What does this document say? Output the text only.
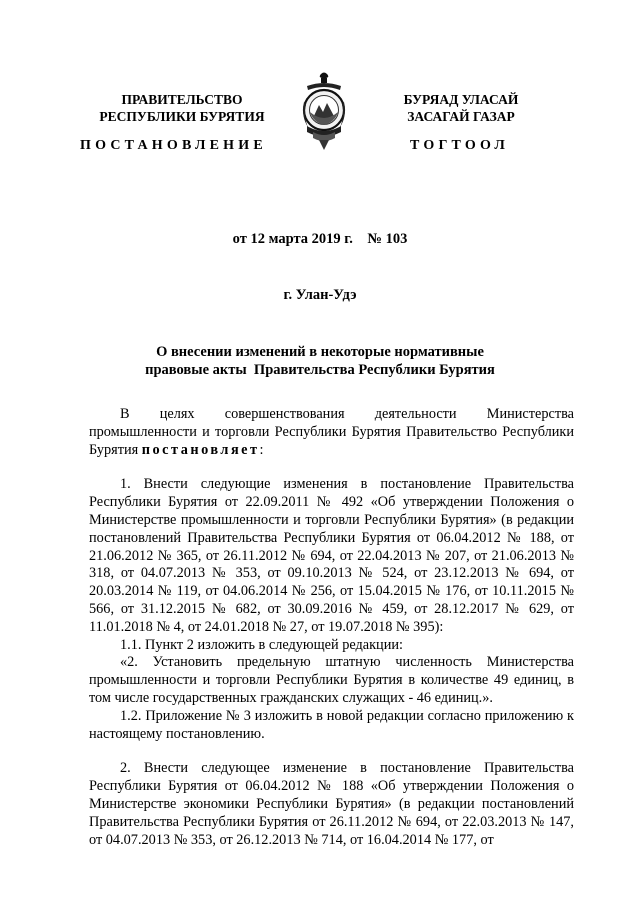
ПРАВИТЕЛЬСТВО
РЕСПУБЛИКИ БУРЯТИЯ
БУРЯАД УЛАСАЙ
ЗАСАГАЙ ГАЗАР
ПОСТАНОВЛЕНИЕ	ТОГТООЛ
от 12 марта 2019 г.    № 103
г. Улан-Удэ
О внесении изменений в некоторые нормативные
правовые акты  Правительства Республики Бурятия

В целях совершенствования деятельности Министерства промышленности и торговли Республики Бурятия Правительство Республики Бурятия постановляет:

1. Внести следующие изменения в постановление Правительства Республики Бурятия от 22.09.2011 № 492 «Об утверждении Положения о Министерстве промышленности и торговли Республики Бурятия» (в редакции постановлений Правительства Республики Бурятия от 06.04.2012 № 188, от 21.06.2012 № 365, от 26.11.2012 № 694, от 22.04.2013 № 207, от 21.06.2013 № 318, от 04.07.2013 № 353, от 09.10.2013 № 524, от 23.12.2013 № 694, от 20.03.2014 № 119, от 04.06.2014 № 256, от 15.04.2015 № 176, от 10.11.2015 № 566, от 31.12.2015 № 682, от 30.09.2016 № 459, от 28.12.2017 № 629, от 11.01.2018 № 4, от 24.01.2018 № 27, от 19.07.2018 № 395):

1.1. Пункт 2 изложить в следующей редакции:

«2. Установить предельную штатную численность Министерства промышленности и торговли Республики Бурятия в количестве 49 единиц, в том числе государственных гражданских служащих - 46 единиц.».

1.2. Приложение № 3 изложить в новой редакции согласно приложению к настоящему постановлению.

2. Внести следующее изменение в постановление Правительства Республики Бурятия от 06.04.2012 № 188 «Об утверждении Положения о Министерстве экономики Республики Бурятия» (в редакции постановлений Правительства Республики Бурятия от 26.11.2012 № 694, от 22.03.2013 № 147, от 04.07.2013 № 353, от 26.12.2013 № 714, от 16.04.2014 № 177, от
